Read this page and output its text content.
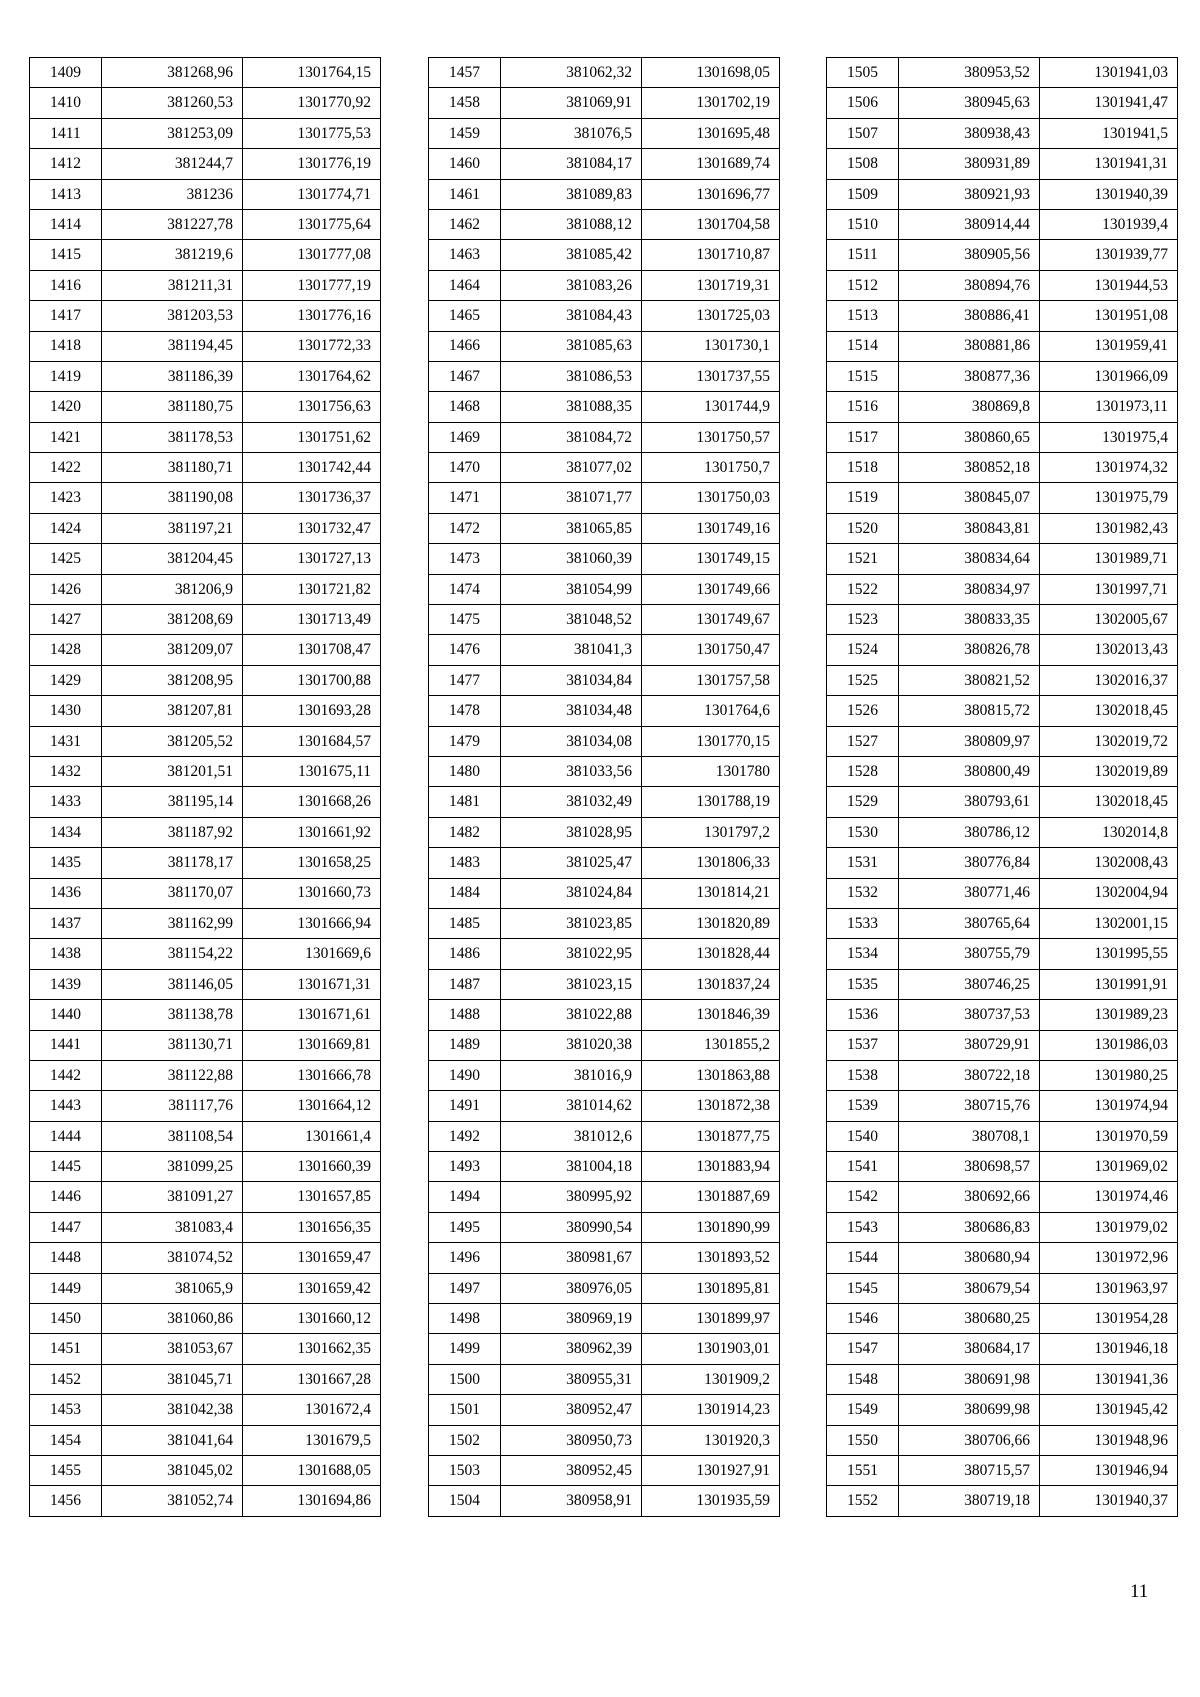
1409	381268,96	1301764,15
1410	381260,53	1301770,92
1411	381253,09	1301775,53
1412	381244,7	1301776,19
1413	381236	1301774,71
1414	381227,78	1301775,64
1415	381219,6	1301777,08
1416	381211,31	1301777,19
1417	381203,53	1301776,16
1418	381194,45	1301772,33
1419	381186,39	1301764,62
1420	381180,75	1301756,63
1421	381178,53	1301751,62
1422	381180,71	1301742,44
1423	381190,08	1301736,37
1424	381197,21	1301732,47
1425	381204,45	1301727,13
1426	381206,9	1301721,82
1427	381208,69	1301713,49
1428	381209,07	1301708,47
1429	381208,95	1301700,88
1430	381207,81	1301693,28
1431	381205,52	1301684,57
1432	381201,51	1301675,11
1433	381195,14	1301668,26
1434	381187,92	1301661,92
1435	381178,17	1301658,25
1436	381170,07	1301660,73
1437	381162,99	1301666,94
1438	381154,22	1301669,6
1439	381146,05	1301671,31
1440	381138,78	1301671,61
1441	381130,71	1301669,81
1442	381122,88	1301666,78
1443	381117,76	1301664,12
1444	381108,54	1301661,4
1445	381099,25	1301660,39
1446	381091,27	1301657,85
1447	381083,4	1301656,35
1448	381074,52	1301659,47
1449	381065,9	1301659,42
1450	381060,86	1301660,12
1451	381053,67	1301662,35
1452	381045,71	1301667,28
1453	381042,38	1301672,4
1454	381041,64	1301679,5
1455	381045,02	1301688,05
1456	381052,74	1301694,86
1457	381062,32	1301698,05
1458	381069,91	1301702,19
1459	381076,5	1301695,48
1460	381084,17	1301689,74
1461	381089,83	1301696,77
1462	381088,12	1301704,58
1463	381085,42	1301710,87
1464	381083,26	1301719,31
1465	381084,43	1301725,03
1466	381085,63	1301730,1
1467	381086,53	1301737,55
1468	381088,35	1301744,9
1469	381084,72	1301750,57
1470	381077,02	1301750,7
1471	381071,77	1301750,03
1472	381065,85	1301749,16
1473	381060,39	1301749,15
1474	381054,99	1301749,66
1475	381048,52	1301749,67
1476	381041,3	1301750,47
1477	381034,84	1301757,58
1478	381034,48	1301764,6
1479	381034,08	1301770,15
1480	381033,56	1301780
1481	381032,49	1301788,19
1482	381028,95	1301797,2
1483	381025,47	1301806,33
1484	381024,84	1301814,21
1485	381023,85	1301820,89
1486	381022,95	1301828,44
1487	381023,15	1301837,24
1488	381022,88	1301846,39
1489	381020,38	1301855,2
1490	381016,9	1301863,88
1491	381014,62	1301872,38
1492	381012,6	1301877,75
1493	381004,18	1301883,94
1494	380995,92	1301887,69
1495	380990,54	1301890,99
1496	380981,67	1301893,52
1497	380976,05	1301895,81
1498	380969,19	1301899,97
1499	380962,39	1301903,01
1500	380955,31	1301909,2
1501	380952,47	1301914,23
1502	380950,73	1301920,3
1503	380952,45	1301927,91
1504	380958,91	1301935,59
1505	380953,52	1301941,03
1506	380945,63	1301941,47
1507	380938,43	1301941,5
1508	380931,89	1301941,31
1509	380921,93	1301940,39
1510	380914,44	1301939,4
1511	380905,56	1301939,77
1512	380894,76	1301944,53
1513	380886,41	1301951,08
1514	380881,86	1301959,41
1515	380877,36	1301966,09
1516	380869,8	1301973,11
1517	380860,65	1301975,4
1518	380852,18	1301974,32
1519	380845,07	1301975,79
1520	380843,81	1301982,43
1521	380834,64	1301989,71
1522	380834,97	1301997,71
1523	380833,35	1302005,67
1524	380826,78	1302013,43
1525	380821,52	1302016,37
1526	380815,72	1302018,45
1527	380809,97	1302019,72
1528	380800,49	1302019,89
1529	380793,61	1302018,45
1530	380786,12	1302014,8
1531	380776,84	1302008,43
1532	380771,46	1302004,94
1533	380765,64	1302001,15
1534	380755,79	1301995,55
1535	380746,25	1301991,91
1536	380737,53	1301989,23
1537	380729,91	1301986,03
1538	380722,18	1301980,25
1539	380715,76	1301974,94
1540	380708,1	1301970,59
1541	380698,57	1301969,02
1542	380692,66	1301974,46
1543	380686,83	1301979,02
1544	380680,94	1301972,96
1545	380679,54	1301963,97
1546	380680,25	1301954,28
1547	380684,17	1301946,18
1548	380691,98	1301941,36
1549	380699,98	1301945,42
1550	380706,66	1301948,96
1551	380715,57	1301946,94
1552	380719,18	1301940,37
11
